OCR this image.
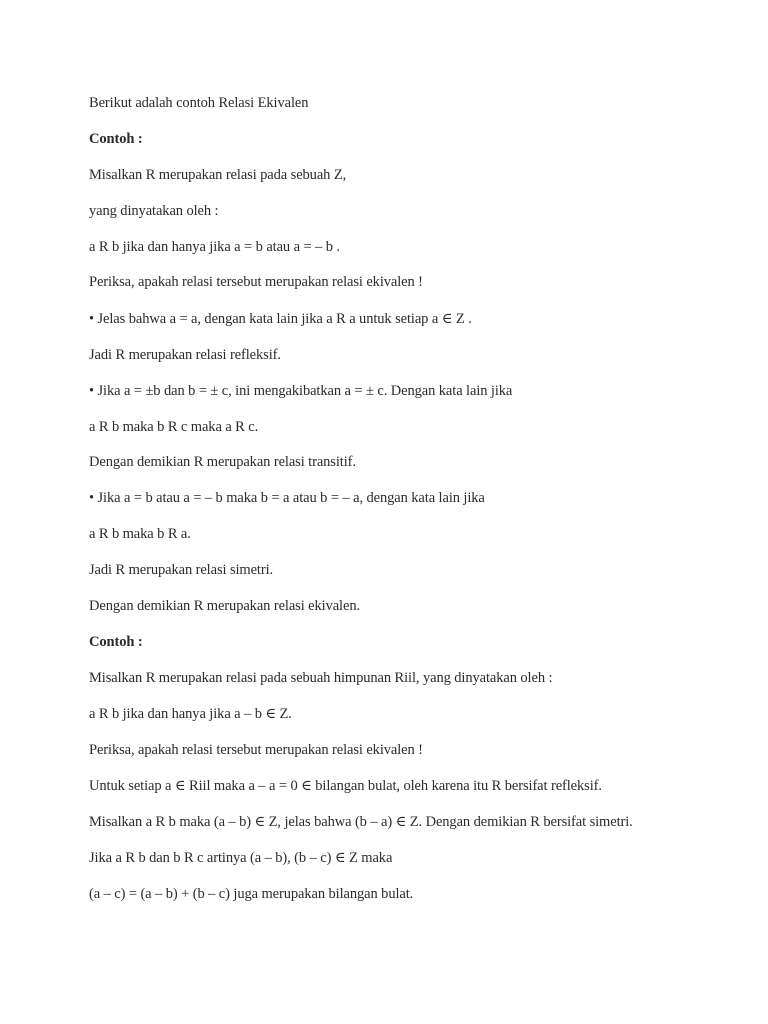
Berikut adalah contoh Relasi Ekivalen
Contoh :
Misalkan R merupakan relasi pada sebuah Z,
yang dinyatakan oleh :
a R b jika dan hanya jika a = b atau a = – b .
Periksa, apakah relasi tersebut merupakan relasi ekivalen !
• Jelas bahwa a = a, dengan kata lain jika a R a untuk setiap a ∈ Z .
Jadi R merupakan relasi refleksif.
• Jika a = ±b dan b = ± c, ini mengakibatkan a = ± c. Dengan kata lain jika
a R b maka b R c maka a R c.
Dengan demikian R merupakan relasi transitif.
• Jika a = b atau a = – b maka b = a atau b = – a, dengan kata lain jika
a R b maka b R a.
Jadi R merupakan relasi simetri.
Dengan demikian R merupakan relasi ekivalen.
Contoh :
Misalkan R merupakan relasi pada sebuah himpunan Riil, yang dinyatakan oleh :
a R b jika dan hanya jika a – b ∈ Z.
Periksa, apakah relasi tersebut merupakan relasi ekivalen !
Untuk setiap a ∈ Riil maka a – a = 0 ∈ bilangan bulat, oleh karena itu R bersifat refleksif.
Misalkan a R b maka (a – b) ∈ Z, jelas bahwa (b – a) ∈ Z. Dengan demikian R bersifat simetri.
Jika a R b dan b R c artinya (a – b), (b – c) ∈ Z maka
(a – c) = (a – b) + (b – c) juga merupakan bilangan bulat.
